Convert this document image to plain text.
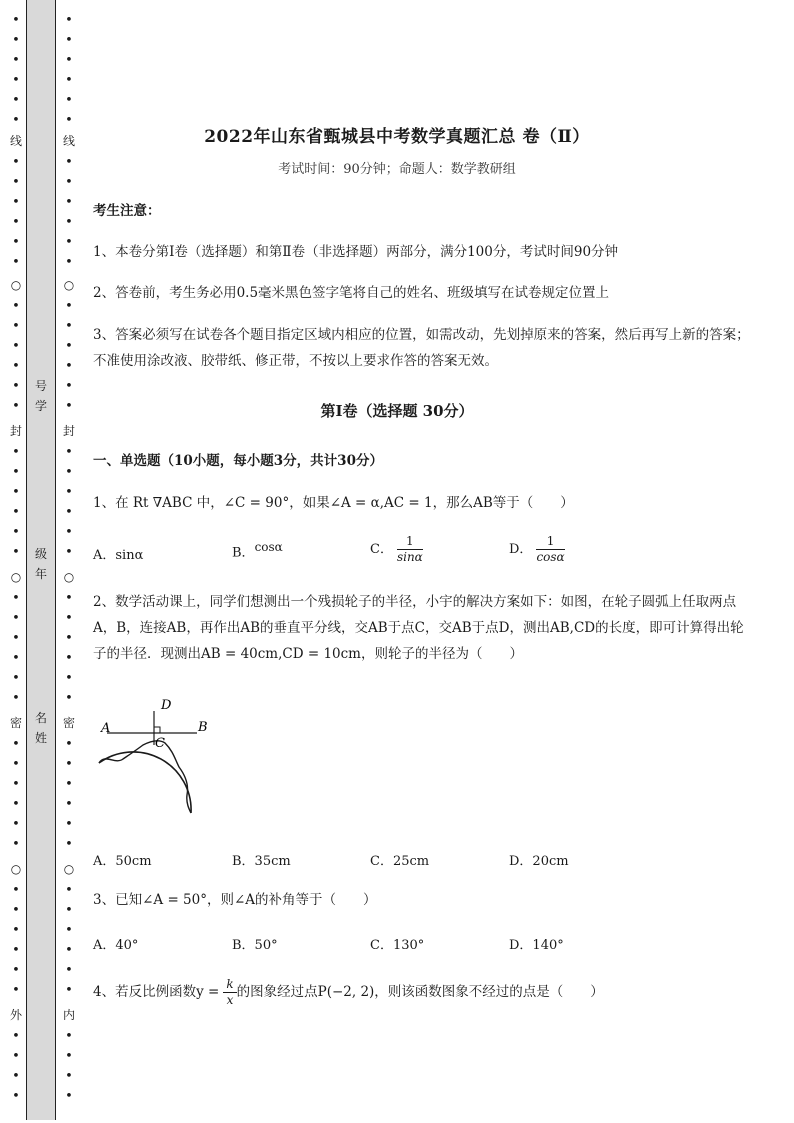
•
•
•
•
•
•
线
•
•
•
•
•
•
○
•
•
•
•
•
•
封
•
•
•
•
•
•
○
•
•
•
•
•
•
密
•
•
•
•
•
•
○
•
•
•
•
•
•
外
•
•
•
•
号
学
级
年
名
姓
•
•
•
•
•
•
线
•
•
•
•
•
•
○
•
•
•
•
•
•
封
•
•
•
•
•
•
○
•
•
•
•
•
•
密
•
•
•
•
•
•
○
•
•
•
•
•
•
内
•
•
•
•
2022年山东省甄城县中考数学真题汇总 卷（Ⅱ）
考试时间：90分钟；命题人：数学教研组
考生注意：
1、本卷分第Ⅰ卷（选择题）和第Ⅱ卷（非选择题）两部分，满分100分，考试时间90分钟
2、答卷前，考生务必用0.5毫米黑色签字笔将自己的姓名、班级填写在试卷规定位置上
3、答案必须写在试卷各个题目指定区域内相应的位置，如需改动，先划掉原来的答案，然后再写上新的答案；不准使用涂改液、胶带纸、修正带，不按以上要求作答的答案无效。
第Ⅰ卷（选择题 30分）
一、单选题（10小题，每小题3分，共计30分）
1、在 Rt ∇ABC 中，∠C = 90°，如果∠A = α,AC = 1，那么AB等于（　　）
A．sinα	B．$^{cos\alpha}$	C． $\frac{1}{\sin\alpha}$	D． $\frac{1}{\cos\alpha}$
2、数学活动课上，同学们想测出一个残损轮子的半径，小宇的解决方案如下：如图，在轮子圆弧上任取两点A，B，连接AB，再作出AB的垂直平分线，交AB于点C，交AB于点D，测出AB,CD的长度，即可计算得出轮子的半径．现测出AB = 40cm,CD = 10cm，则轮子的半径为（　　）
A	B
C
D
A．50cm	B．35cm	C．25cm	D．20cm
3、已知∠A = 50°，则∠A的补角等于（　　）
A．40°	B．50°	C．130°	D．140°
4、若反比例函数$y = \frac{k}{x}$ 的图象经过点P(−2, 2)，则该函数图象不经过的点是（　　）
